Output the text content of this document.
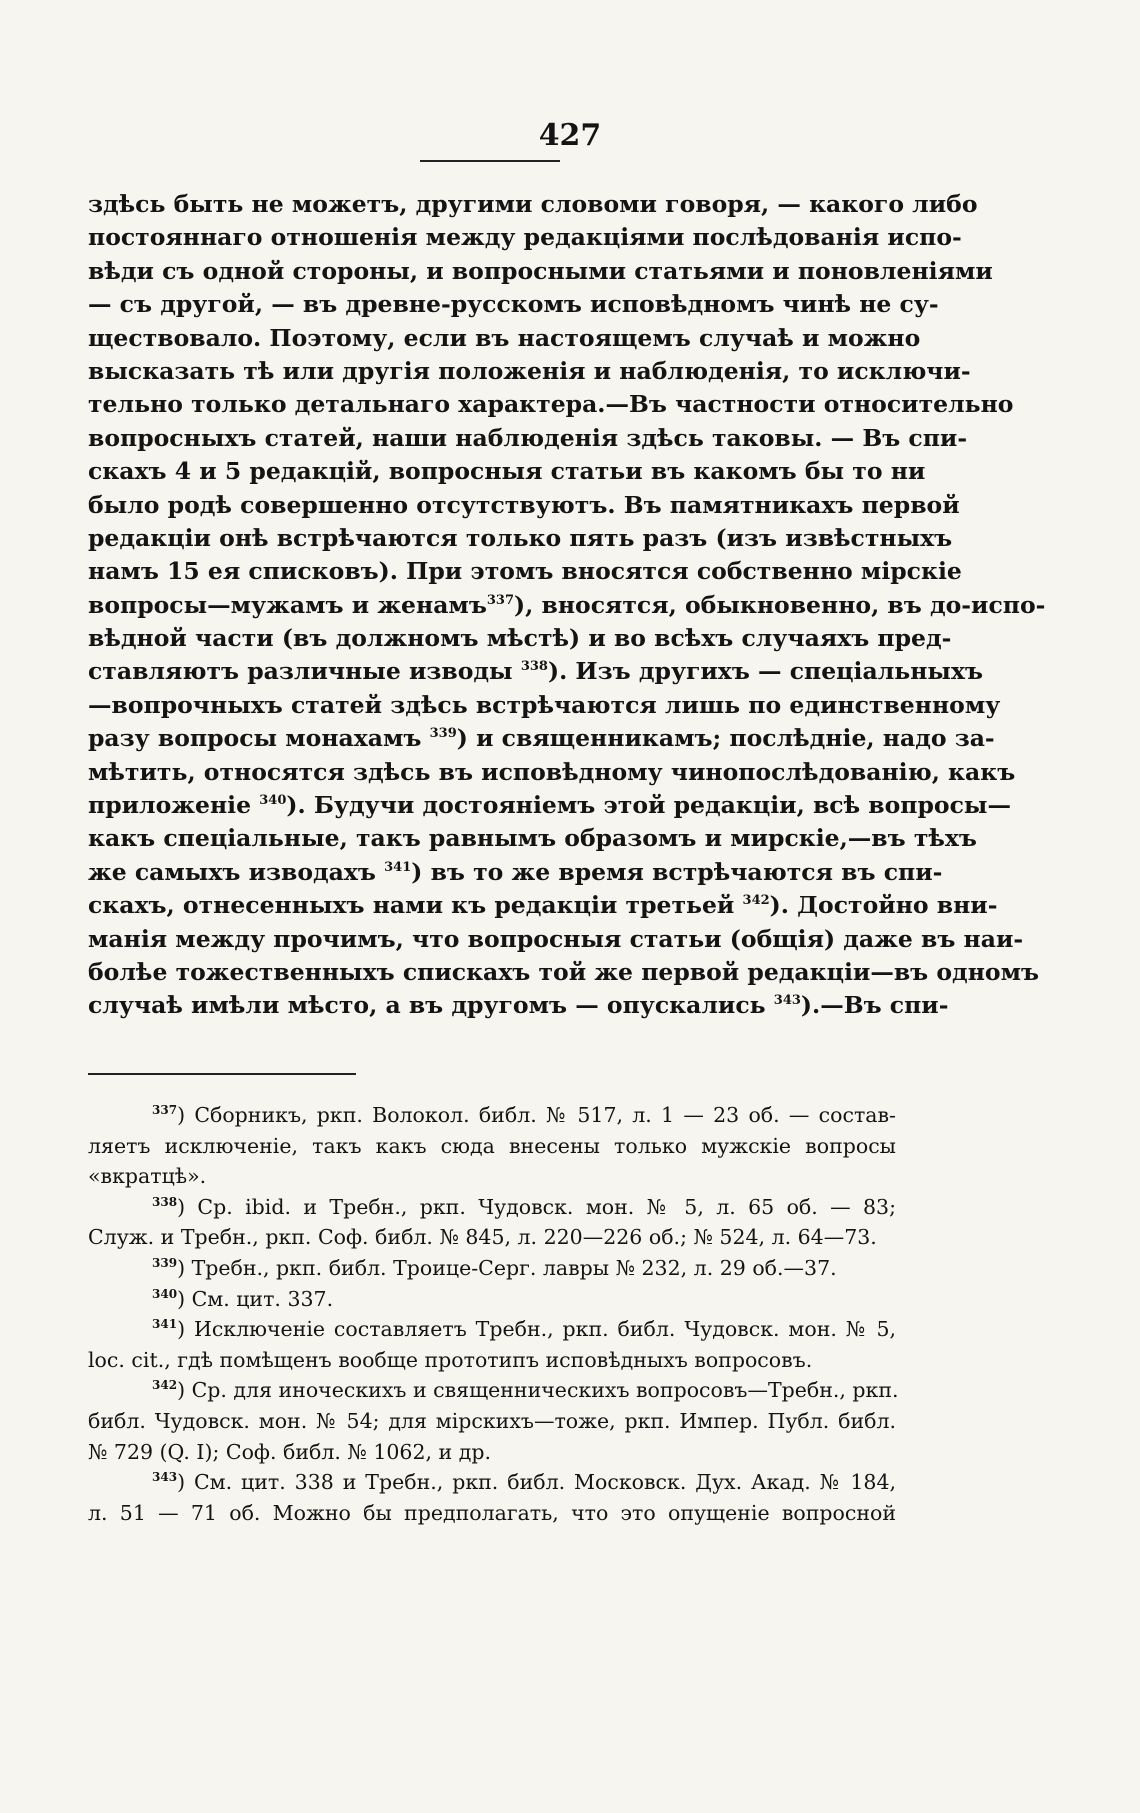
427
здѣсь быть не можетъ, другими словоми говоря, — какого либо
постояннаго отношенія между редакціями послѣдованія испо-
вѣди съ одной стороны, и вопросными статьями и поновленіями
— съ другой, — въ древне-русскомъ исповѣдномъ чинѣ не су-
ществовало. Поэтому, если въ настоящемъ случаѣ и можно
высказать тѣ или другія положенія и наблюденія, то исключи-
тельно только детальнаго характера.—Въ частности относительно
вопросныхъ статей, наши наблюденія здѣсь таковы. — Въ спи-
скахъ 4 и 5 редакцій, вопросныя статьи въ какомъ бы то ни
было родѣ совершенно отсутствуютъ. Въ памятникахъ первой
редакціи онѣ встрѣчаются только пять разъ (изъ извѣстныхъ
намъ 15 ея списковъ). При этомъ вносятся собственно мірскіе
вопросы—мужамъ и женамъ$^{337}$), вносятся, обыкновенно, въ до-испо-
вѣдной части (въ должномъ мѣстѣ) и во всѣхъ случаяхъ пред-
ставляютъ различные изводы $^{338}$). Изъ другихъ — спеціальныхъ
—вопрочныхъ статей здѣсь встрѣчаются лишь по единственному
разу вопросы монахамъ $^{339}$) и священникамъ; послѣдніе, надо за-
мѣтить, относятся здѣсь въ исповѣдному чинопослѣдованію, какъ
приложеніе $^{340}$). Будучи достояніемъ этой редакціи, всѣ вопросы—
какъ спеціальные, такъ равнымъ образомъ и мирскіе,—въ тѣхъ
же самыхъ изводахъ $^{341}$) въ то же время встрѣчаются въ спи-
скахъ, отнесенныхъ нами къ редакціи третьей $^{342}$). Достойно вни-
манія между прочимъ, что вопросныя статьи (общія) даже въ наи-
болѣе тожественныхъ спискахъ той же первой редакціи—въ одномъ
случаѣ имѣли мѣсто, а въ другомъ — опускались $^{343}$).—Въ спи-
$^{337}$) Сборникъ, ркп. Волокол. библ. № 517, л. 1 — 23 об. — состав-
ляетъ исключеніе, такъ какъ сюда внесены только мужскіе вопросы
«вкратцѣ».
$^{338}$) Ср. ibid. и Требн., ркп. Чудовск. мон. № 5, л. 65 об. — 83;
Служ. и Требн., ркп. Соф. библ. № 845, л. 220—226 об.; № 524, л. 64—73.
$^{339}$) Требн., ркп. библ. Троице-Серг. лавры № 232, л. 29 об.—37.
$^{340}$) См. цит. 337.
$^{341}$) Исключеніе составляетъ Требн., ркп. библ. Чудовск. мон. № 5,
loc. cit., гдѣ помѣщенъ вообще прототипъ исповѣдныхъ вопросовъ.
$^{342}$) Ср. для иноческихъ и священническихъ вопросовъ—Требн., ркп.
библ. Чудовск. мон. № 54; для мірскихъ—тоже, ркп. Импер. Публ. библ.
№ 729 (Q. I); Соф. библ. № 1062, и др.
$^{343}$) См. цит. 338 и Требн., ркп. библ. Московск. Дух. Акад. № 184,
л. 51 — 71 об. Можно бы предполагать, что это опущеніе вопросной
